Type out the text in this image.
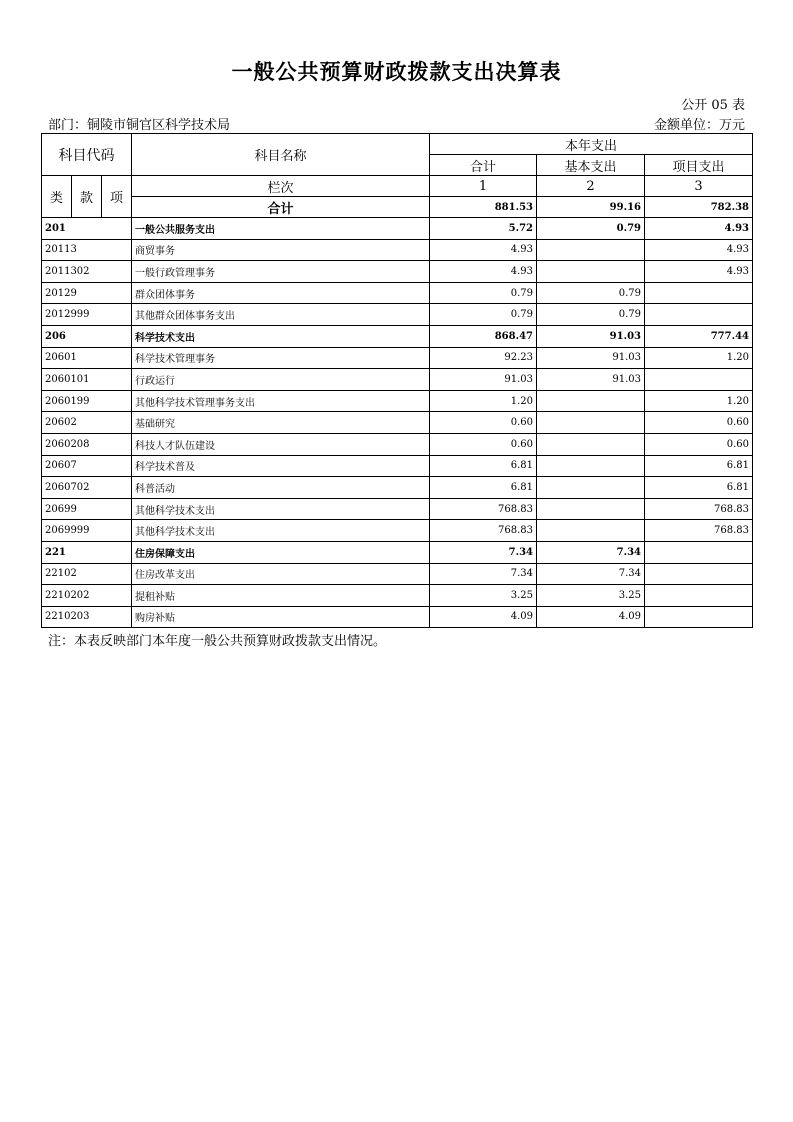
一般公共预算财政拨款支出决算表
公开 05 表
部门：铜陵市铜官区科学技术局	金额单位：万元
科目代码			科目名称	本年支出		
				合计	基本支出	项目支出
类	款	项	栏次	1	2	3
			合计	881.53	99.16	782.38
201			一般公共服务支出	5.72	0.79	4.93
20113			商贸事务	4.93		4.93
2011302			一般行政管理事务	4.93		4.93
20129			群众团体事务	0.79	0.79	
2012999			其他群众团体事务支出	0.79	0.79	
206			科学技术支出	868.47	91.03	777.44
20601			科学技术管理事务	92.23	91.03	1.20
2060101			行政运行	91.03	91.03	
2060199			其他科学技术管理事务支出	1.20		1.20
20602			基础研究	0.60		0.60
2060208			科技人才队伍建设	0.60		0.60
20607			科学技术普及	6.81		6.81
2060702			科普活动	6.81		6.81
20699			其他科学技术支出	768.83		768.83
2069999			其他科学技术支出	768.83		768.83
221			住房保障支出	7.34	7.34	
22102			住房改革支出	7.34	7.34	
2210202			提租补贴	3.25	3.25	
2210203			购房补贴	4.09	4.09	
注：本表反映部门本年度一般公共预算财政拨款支出情况。
